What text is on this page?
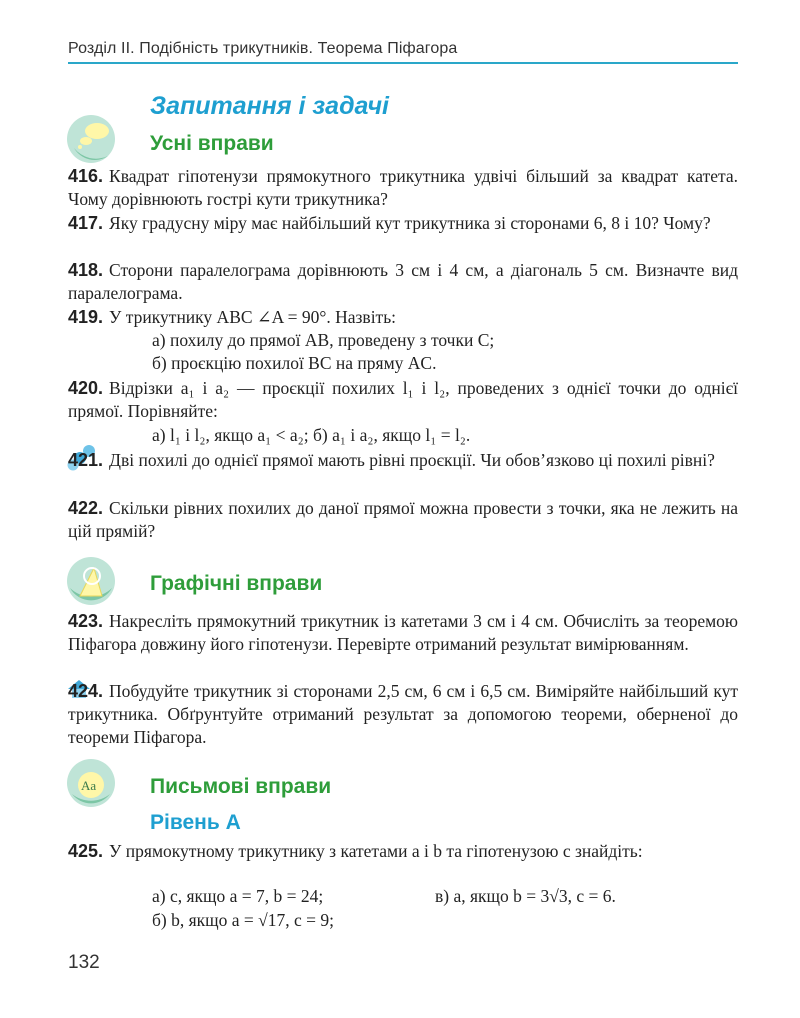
Розділ ІІ. Подібність трикутників. Теорема Піфагора
Запитання і задачі
Усні вправи
416. Квадрат гіпотенузи прямокутного трикутника удвічі більший за квадрат катета. Чому дорівнюють гострі кути трикутника?
417. Яку градусну міру має найбільший кут трикутника зі сторонами 6, 8 і 10? Чому?
418. Сторони паралелограма дорівнюють 3 см і 4 см, а діагональ 5 см. Визначте вид паралелограма.
419. У трикутнику ABC ∠A = 90°. Назвіть:
а) похилу до прямої AB, проведену з точки C;
б) проєкцію похилої BC на пряму AC.
420. Відрізки a₁ і a₂ — проєкції похилих l₁ і l₂, проведених з однієї точки до однієї прямої. Порівняйте:
а) l₁ і l₂, якщо a₁ < a₂; б) a₁ і a₂, якщо l₁ = l₂.
421. Дві похилі до однієї прямої мають рівні проєкції. Чи обов’язково ці похилі рівні?
422. Скільки рівних похилих до даної прямої можна провести з точки, яка не лежить на цій прямій?
Графічні вправи
423. Накресліть прямокутний трикутник із катетами 3 см і 4 см. Обчисліть за теоремою Піфагора довжину його гіпотенузи. Перевірте отриманий результат вимірюванням.
424. Побудуйте трикутник зі сторонами 2,5 см, 6 см і 6,5 см. Виміряйте найбільший кут трикутника. Обґрунтуйте отриманий результат за допомогою теореми, оберненої до теореми Піфагора.
Aa	Письмові вправи
Рівень А
425. У прямокутному трикутнику з катетами a і b та гіпотенузою c знайдіть:
а) c, якщо a = 7, b = 24;	в) a, якщо b = 3√3, c = 6.
б) b, якщо a = √17, c = 9;
132
